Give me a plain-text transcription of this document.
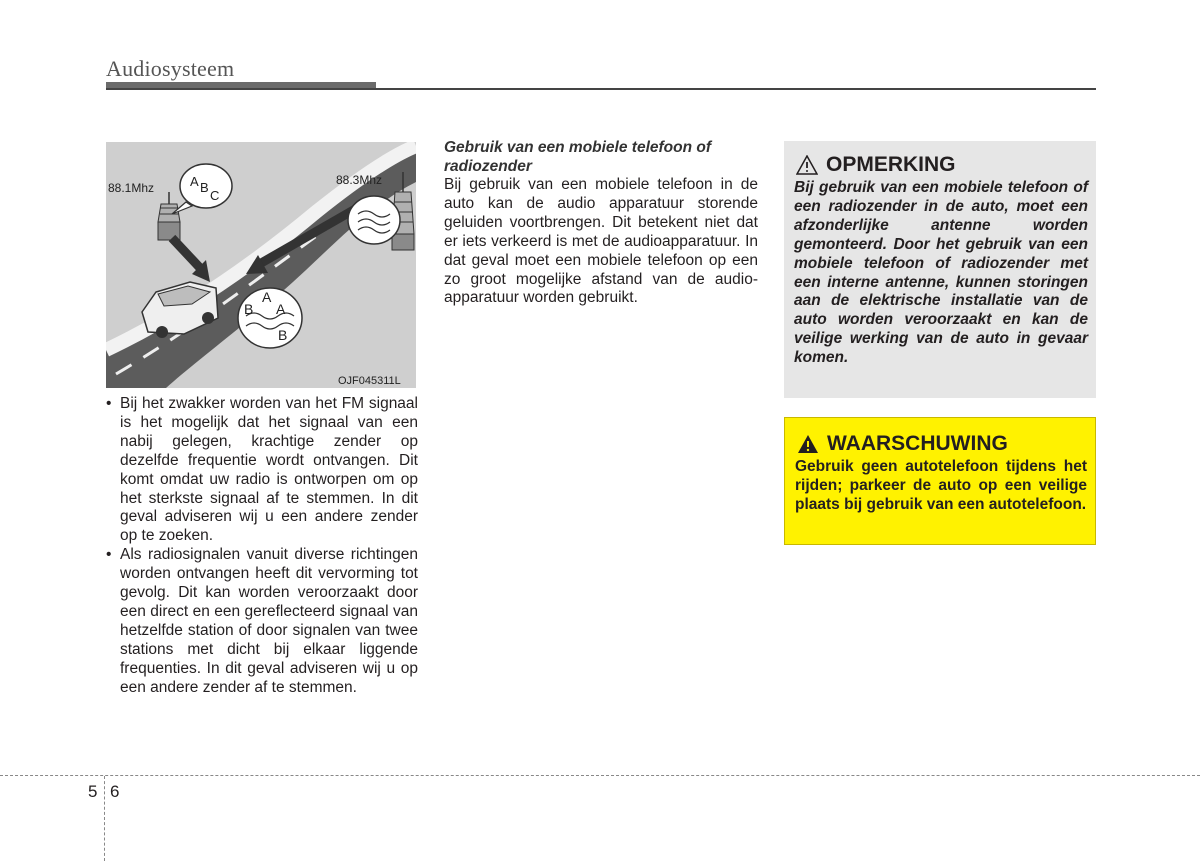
Audiosysteem
88.1Mhz
88.3Mhz
A B
C
A
B A
B
OJF045311L
• Bij het zwakker worden van het FM signaal is het mogelijk dat het signaal van een nabij gelegen, krachtige zender op dezelfde frequentie wordt ontvangen. Dit komt omdat uw radio is ontworpen om op het sterkste signaal af te stemmen. In dit geval adviseren wij u een andere zender op te zoeken.
• Als radiosignalen vanuit diverse richtingen worden ontvangen heeft dit vervorming tot gevolg. Dit kan worden veroorzaakt door een direct en een gereflecteerd signaal van hetzelfde station of door signalen van twee stations met dicht bij elkaar liggende frequenties. In dit geval adviseren wij u op een andere zender af te stemmen.
Gebruik van een mobiele telefoon of radiozender
Bij gebruik van een mobiele telefoon in de auto kan de audio apparatuur storende geluiden voortbrengen. Dit betekent niet dat er iets verkeerd is met de audioapparatuur. In dat geval moet een mobiele telefoon op een zo groot mogelijke afstand van de audio-apparatuur worden gebruikt.
OPMERKING
Bij gebruik van een mobiele telefoon of een radiozender in de auto, moet een afzonderlijke antenne worden gemonteerd. Door het gebruik van een mobiele telefoon of radiozender met een interne antenne, kunnen storingen aan de elektrische installatie van de auto worden veroorzaakt en kan de veilige werking van de auto in gevaar komen.
WAARSCHUWING
Gebruik geen autotelefoon tijdens het rijden; parkeer de auto op een veilige plaats bij gebruik van een autotelefoon.
5 6
